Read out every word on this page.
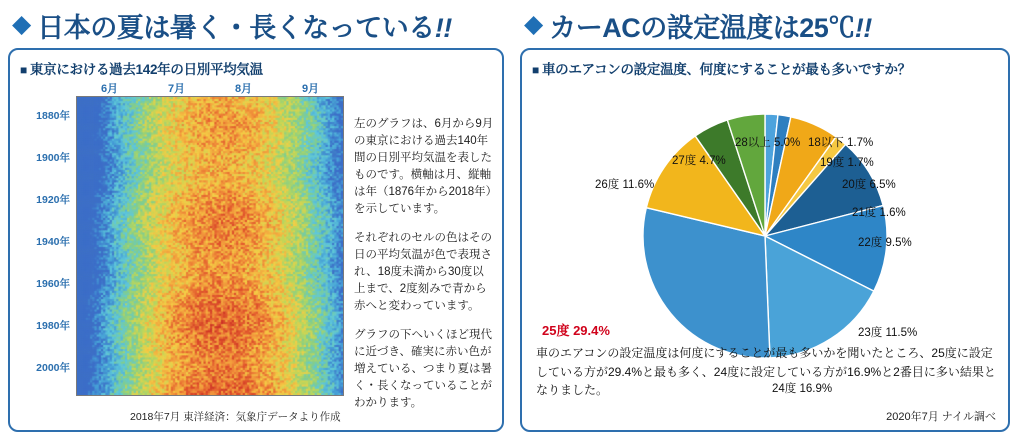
◆ 日本の夏は暑く・長くなっている!!
■ 東京における過去142年の日別平均気温
6月	7月	8月	9月
1880年
1900年
1920年
1940年
1960年
1980年
2000年

左のグラフは、6月から9月の東京における過去140年間の日別平均気温を表したものです。横軸は月、縦軸は年（1876年から2018年）を示しています。

それぞれのセルの色はその日の平均気温が色で表現され、18度未満から30度以上まで、2度刻みで青から赤へと変わっています。

グラフの下へいくほど現代に近づき、確実に赤い色が増えている、つまり夏は暑く・長くなっていることがわかります。

2018年7月 東洋経済：気象庁データより作成
◆ カーACの設定温度は25℃!!
■ 車のエアコンの設定温度、何度にすることが最も多いですか？
28以上 5.0% 18以下 1.7%
27度 4.7%	19度 1.7%
26度 11.6%	20度 6.5%
21度 1.6%
22度 9.5%
23度 11.5%
24度 16.9%
25度 29.4%
車のエアコンの設定温度は何度にすることが最も多いかを聞いたところ、25度に設定している方が29.4%と最も多く、24度に設定している方が16.9%と2番目に多い結果となりました。
2020年7月 ナイル調べ
